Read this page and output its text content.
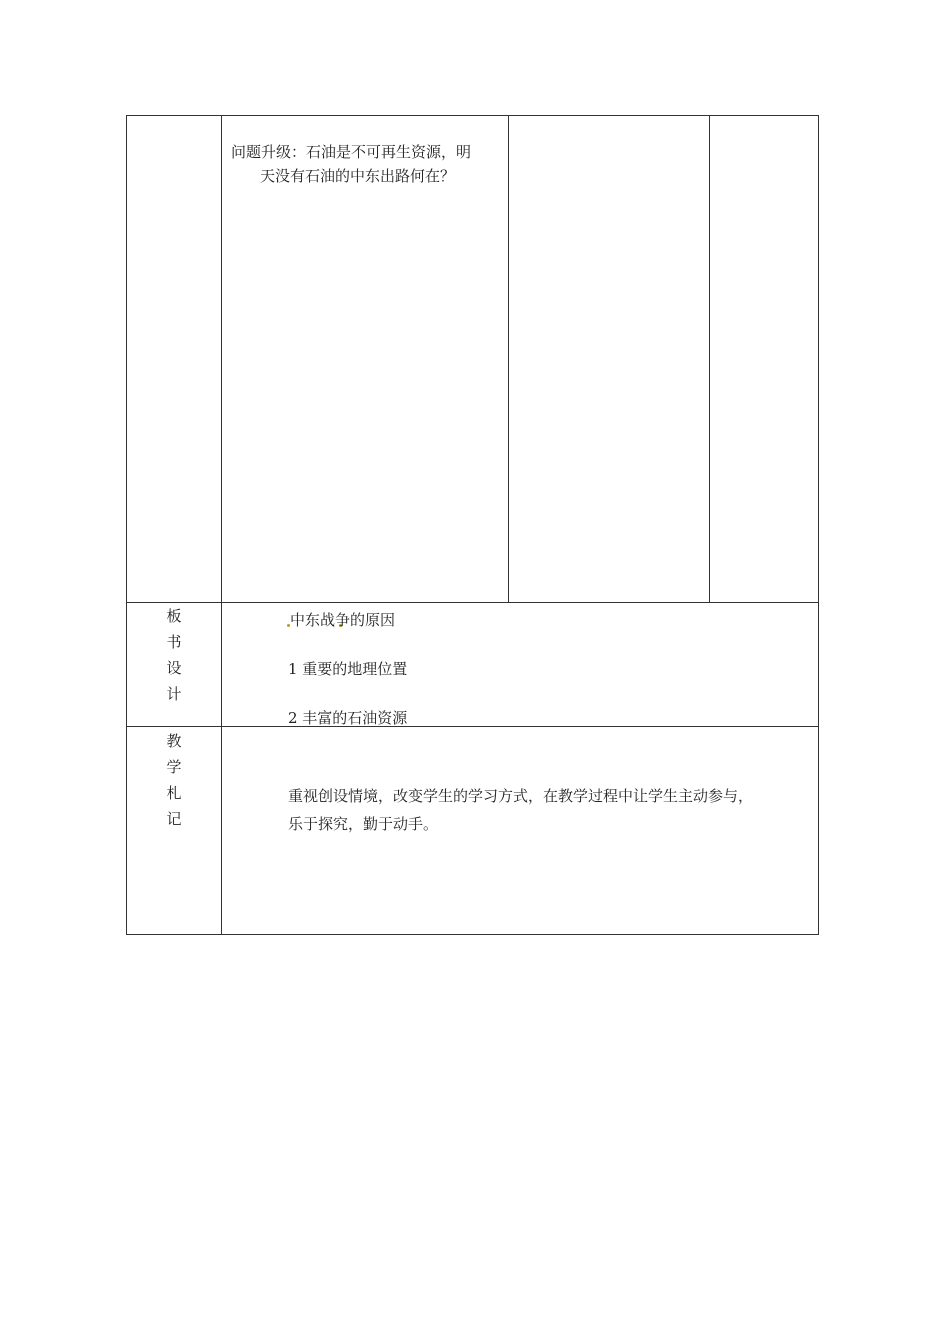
问题升级：石油是不可再生资源，明
天没有石油的中东出路何在？
板
书
设
计
中东战争的原因
1 重要的地理位置
2 丰富的石油资源
教
学
札
记
重视创设情境，改变学生的学习方式，在教学过程中让学生主动参与，
乐于探究，勤于动手。
